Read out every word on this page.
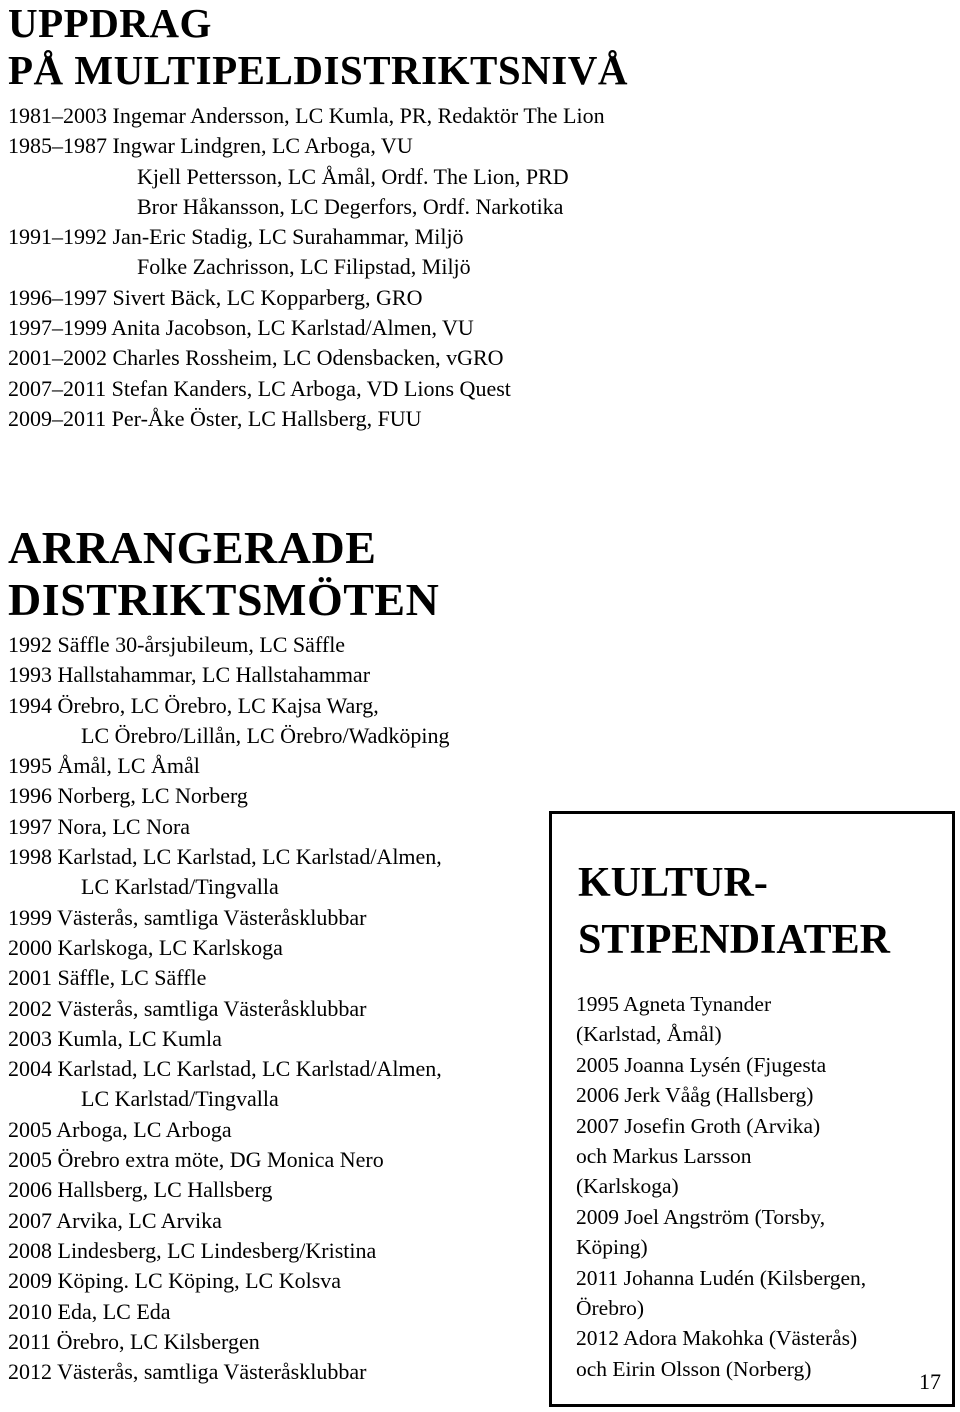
UPPDRAG
PÅ MULTIPELDISTRIKTSNIVÅ
1981–2003 Ingemar Andersson, LC Kumla, PR, Redaktör The Lion
1985–1987 Ingwar Lindgren, LC Arboga, VU
Kjell Pettersson, LC Åmål, Ordf. The Lion, PRD
Bror Håkansson, LC Degerfors, Ordf. Narkotika
1991–1992 Jan-Eric Stadig, LC Surahammar, Miljö
Folke Zachrisson, LC Filipstad, Miljö
1996–1997 Sivert Bäck, LC Kopparberg, GRO
1997–1999 Anita Jacobson, LC Karlstad/Almen, VU
2001–2002 Charles Rossheim, LC Odensbacken, vGRO
2007–2011 Stefan Kanders, LC Arboga, VD Lions Quest
2009–2011 Per-Åke Öster, LC Hallsberg, FUU
ARRANGERADE
DISTRIKTSMÖTEN
1992 Säffle 30-årsjubileum, LC Säffle
1993 Hallstahammar, LC Hallstahammar
1994 Örebro, LC Örebro, LC Kajsa Warg,
LC Örebro/Lillån, LC Örebro/Wadköping
1995 Åmål, LC Åmål
1996 Norberg, LC Norberg
1997 Nora, LC Nora
1998 Karlstad, LC Karlstad, LC Karlstad/Almen,
LC Karlstad/Tingvalla
1999 Västerås, samtliga Västeråsklubbar
2000 Karlskoga, LC Karlskoga
2001 Säffle, LC Säffle
2002 Västerås, samtliga Västeråsklubbar
2003 Kumla, LC Kumla
2004 Karlstad, LC Karlstad, LC Karlstad/Almen,
LC Karlstad/Tingvalla
2005 Arboga, LC Arboga
2005 Örebro extra möte, DG Monica Nero
2006 Hallsberg, LC Hallsberg
2007 Arvika, LC Arvika
2008 Lindesberg, LC Lindesberg/Kristina
2009 Köping. LC Köping, LC Kolsva
2010 Eda, LC Eda
2011 Örebro, LC Kilsbergen
2012 Västerås, samtliga Västeråsklubbar
KULTUR-
STIPENDIATER
1995 Agneta Tynander
(Karlstad, Åmål)
2005 Joanna Lysén (Fjugesta
2006 Jerk Vååg (Hallsberg)
2007 Josefin Groth (Arvika)
och Markus Larsson
(Karlskoga)
2009 Joel Angström (Torsby,
Köping)
2011 Johanna Ludén (Kilsbergen,
Örebro)
2012 Adora Makohka (Västerås)
och Eirin Olsson (Norberg)
17
